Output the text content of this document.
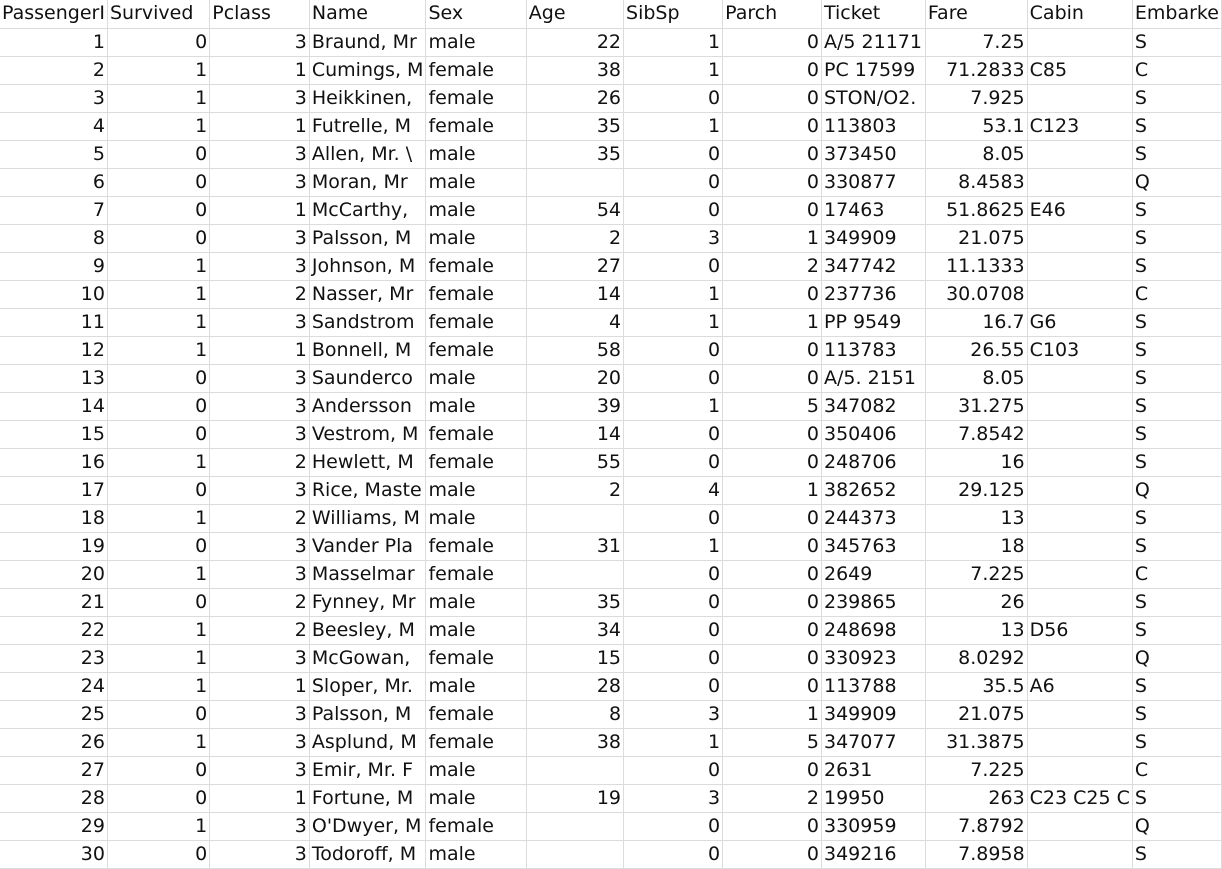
PassengerI	Survived	Pclass	Name	Sex	Age	SibSp	Parch	Ticket	Fare	Cabin	Embarke
1	0	3	Braund, Mr	male	22	1	0	A/5 21171	7.25		S
2	1	1	Cumings, M	female	38	1	0	PC 17599	71.2833	C85	C
3	1	3	Heikkinen,	female	26	0	0	STON/O2.	7.925		S
4	1	1	Futrelle, M	female	35	1	0	113803	53.1	C123	S
5	0	3	Allen, Mr. \	male	35	0	0	373450	8.05		S
6	0	3	Moran, Mr	male		0	0	330877	8.4583		Q
7	0	1	McCarthy,	male	54	0	0	17463	51.8625	E46	S
8	0	3	Palsson, M	male	2	3	1	349909	21.075		S
9	1	3	Johnson, M	female	27	0	2	347742	11.1333		S
10	1	2	Nasser, Mr	female	14	1	0	237736	30.0708		C
11	1	3	Sandstrom	female	4	1	1	PP 9549	16.7	G6	S
12	1	1	Bonnell, M	female	58	0	0	113783	26.55	C103	S
13	0	3	Saunderco	male	20	0	0	A/5. 2151	8.05		S
14	0	3	Andersson	male	39	1	5	347082	31.275		S
15	0	3	Vestrom, M	female	14	0	0	350406	7.8542		S
16	1	2	Hewlett, M	female	55	0	0	248706	16		S
17	0	3	Rice, Maste	male	2	4	1	382652	29.125		Q
18	1	2	Williams, M	male		0	0	244373	13		S
19	0	3	Vander Pla	female	31	1	0	345763	18		S
20	1	3	Masselmar	female		0	0	2649	7.225		C
21	0	2	Fynney, Mr	male	35	0	0	239865	26		S
22	1	2	Beesley, M	male	34	0	0	248698	13	D56	S
23	1	3	McGowan,	female	15	0	0	330923	8.0292		Q
24	1	1	Sloper, Mr.	male	28	0	0	113788	35.5	A6	S
25	0	3	Palsson, M	female	8	3	1	349909	21.075		S
26	1	3	Asplund, M	female	38	1	5	347077	31.3875		S
27	0	3	Emir, Mr. F	male		0	0	2631	7.225		C
28	0	1	Fortune, M	male	19	3	2	19950	263	C23 C25 C	S
29	1	3	O'Dwyer, M	female		0	0	330959	7.8792		Q
30	0	3	Todoroff, M	male		0	0	349216	7.8958		S
